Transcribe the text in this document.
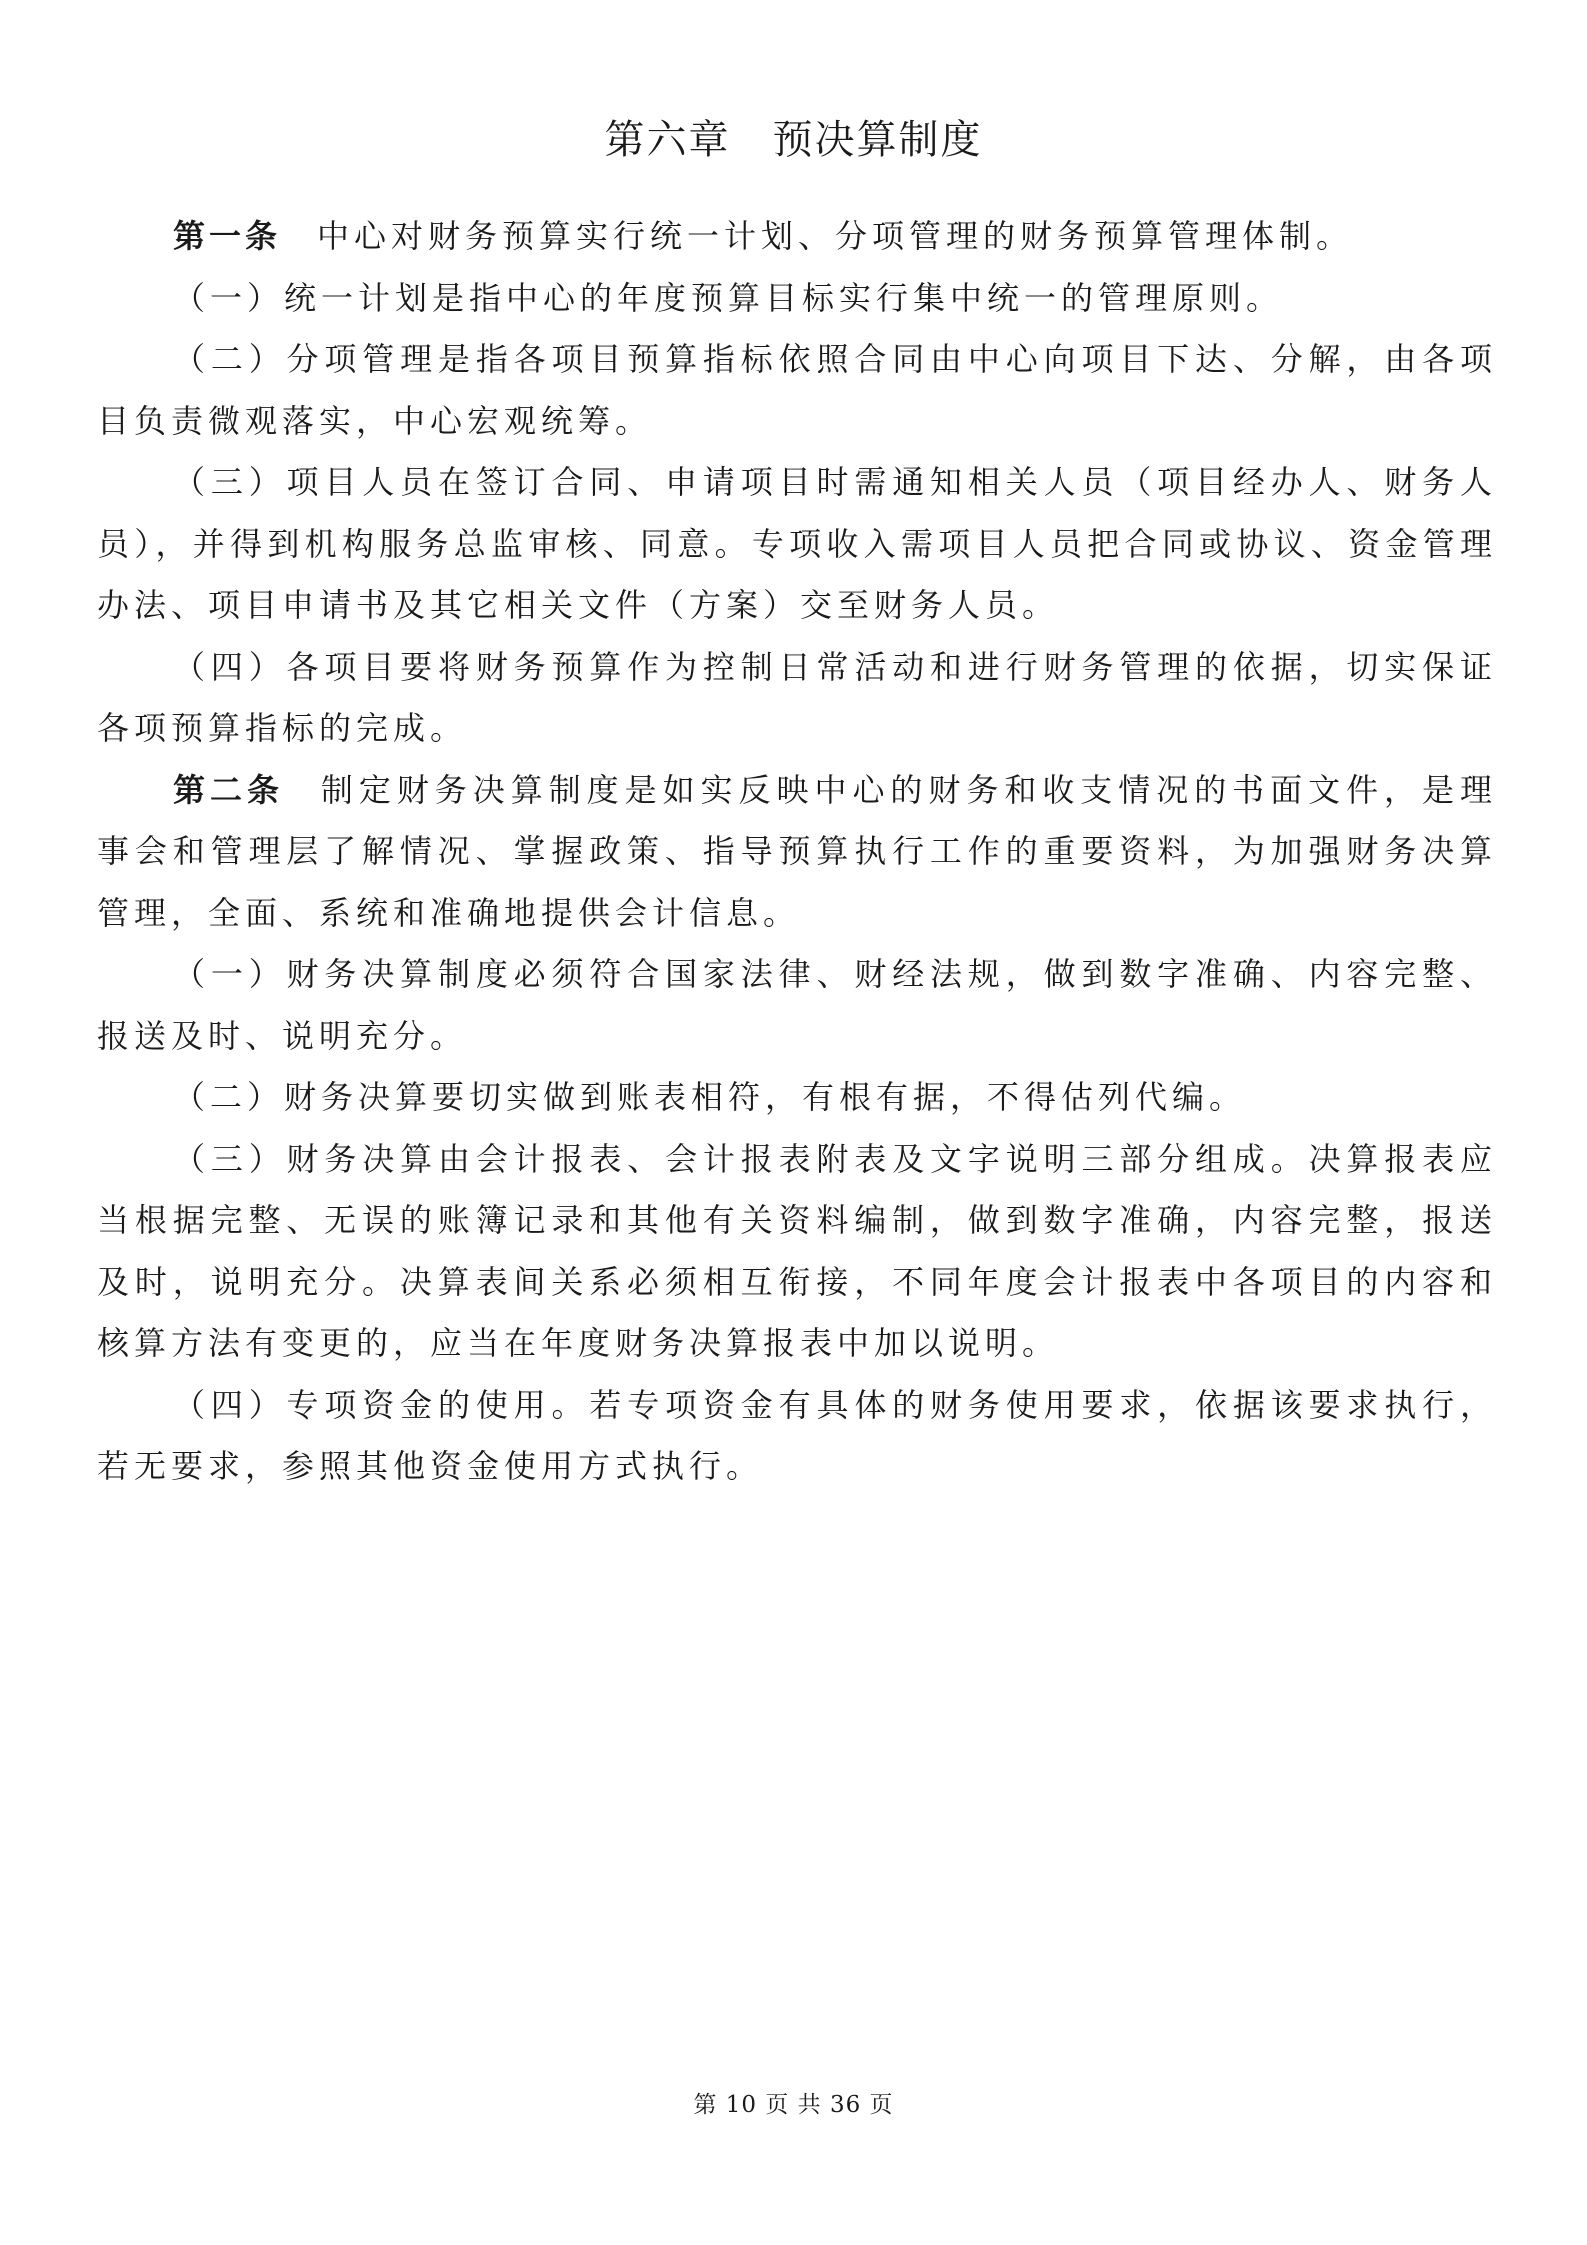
第六章　预决算制度

第一条 中心对财务预算实行统一计划、分项管理的财务预算管理体制。

（一）统一计划是指中心的年度预算目标实行集中统一的管理原则。

（二）分项管理是指各项目预算指标依照合同由中心向项目下达、分解，由各项目负责微观落实，中心宏观统筹。

（三）项目人员在签订合同、申请项目时需通知相关人员（项目经办人、财务人员），并得到机构服务总监审核、同意。专项收入需项目人员把合同或协议、资金管理办法、项目申请书及其它相关文件（方案）交至财务人员。

（四）各项目要将财务预算作为控制日常活动和进行财务管理的依据，切实保证各项预算指标的完成。

第二条 制定财务决算制度是如实反映中心的财务和收支情况的书面文件，是理事会和管理层了解情况、掌握政策、指导预算执行工作的重要资料，为加强财务决算管理，全面、系统和准确地提供会计信息。

（一）财务决算制度必须符合国家法律、财经法规，做到数字准确、内容完整、报送及时、说明充分。

（二）财务决算要切实做到账表相符，有根有据，不得估列代编。

（三）财务决算由会计报表、会计报表附表及文字说明三部分组成。决算报表应当根据完整、无误的账簿记录和其他有关资料编制，做到数字准确，内容完整，报送及时，说明充分。决算表间关系必须相互衔接，不同年度会计报表中各项目的内容和核算方法有变更的，应当在年度财务决算报表中加以说明。

（四）专项资金的使用。若专项资金有具体的财务使用要求，依据该要求执行，若无要求，参照其他资金使用方式执行。

第 10 页 共 36 页
